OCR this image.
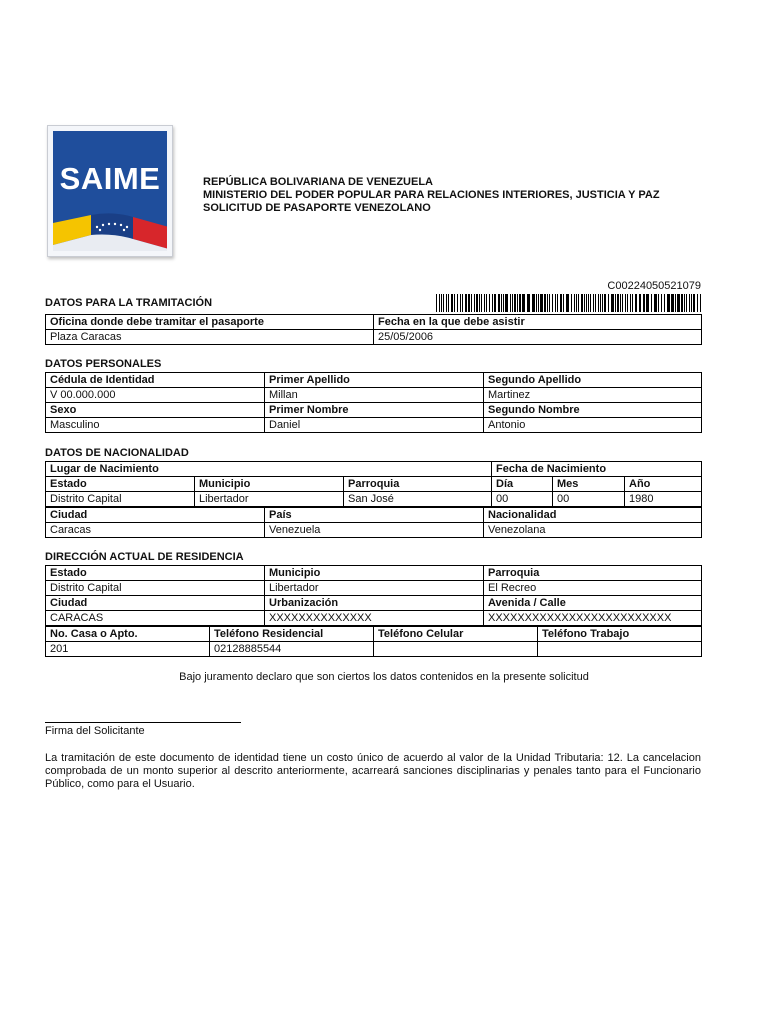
SAIME	REPÚBLICA BOLIVARIANA DE VENEZUELA
MINISTERIO DEL PODER POPULAR PARA RELACIONES INTERIORES, JUSTICIA Y PAZ
SOLICITUD DE PASAPORTE VENEZOLANO
C00224050521079
DATOS PARA LA TRAMITACIÓN
Oficina donde debe tramitar el pasaporte	Fecha en la que debe asistir
Plaza Caracas	25/05/2006
DATOS PERSONALES
Cédula de Identidad	Primer Apellido	Segundo Apellido
V 00.000.000	Millan	Martinez
Sexo	Primer Nombre	Segundo Nombre
Masculino	Daniel	Antonio
DATOS DE NACIONALIDAD
Lugar de Nacimiento			Fecha de Nacimiento		
Estado	Municipio	Parroquia	Día	Mes	Año
Distrito Capital	Libertador	San José	00	00	1980
Ciudad	País	Nacionalidad
Caracas	Venezuela	Venezolana
DIRECCIÓN ACTUAL DE RESIDENCIA
Estado	Municipio	Parroquia
Distrito Capital	Libertador	El Recreo
Ciudad	Urbanización	Avenida / Calle
CARACAS	XXXXXXXXXXXXXX	XXXXXXXXXXXXXXXXXXXXXXXXX
No. Casa o Apto.	Teléfono Residencial	Teléfono Celular	Teléfono Trabajo
201	02128885544		
Bajo juramento declaro que son ciertos los datos contenidos en la presente solicitud
Firma del Solicitante
La tramitación de este documento de identidad tiene un costo único de acuerdo al valor de la Unidad Tributaria: 12. La cancelacion comprobada de un monto superior al descrito anteriormente, acarreará sanciones disciplinarias y penales tanto para el Funcionario Público, como para el Usuario.
